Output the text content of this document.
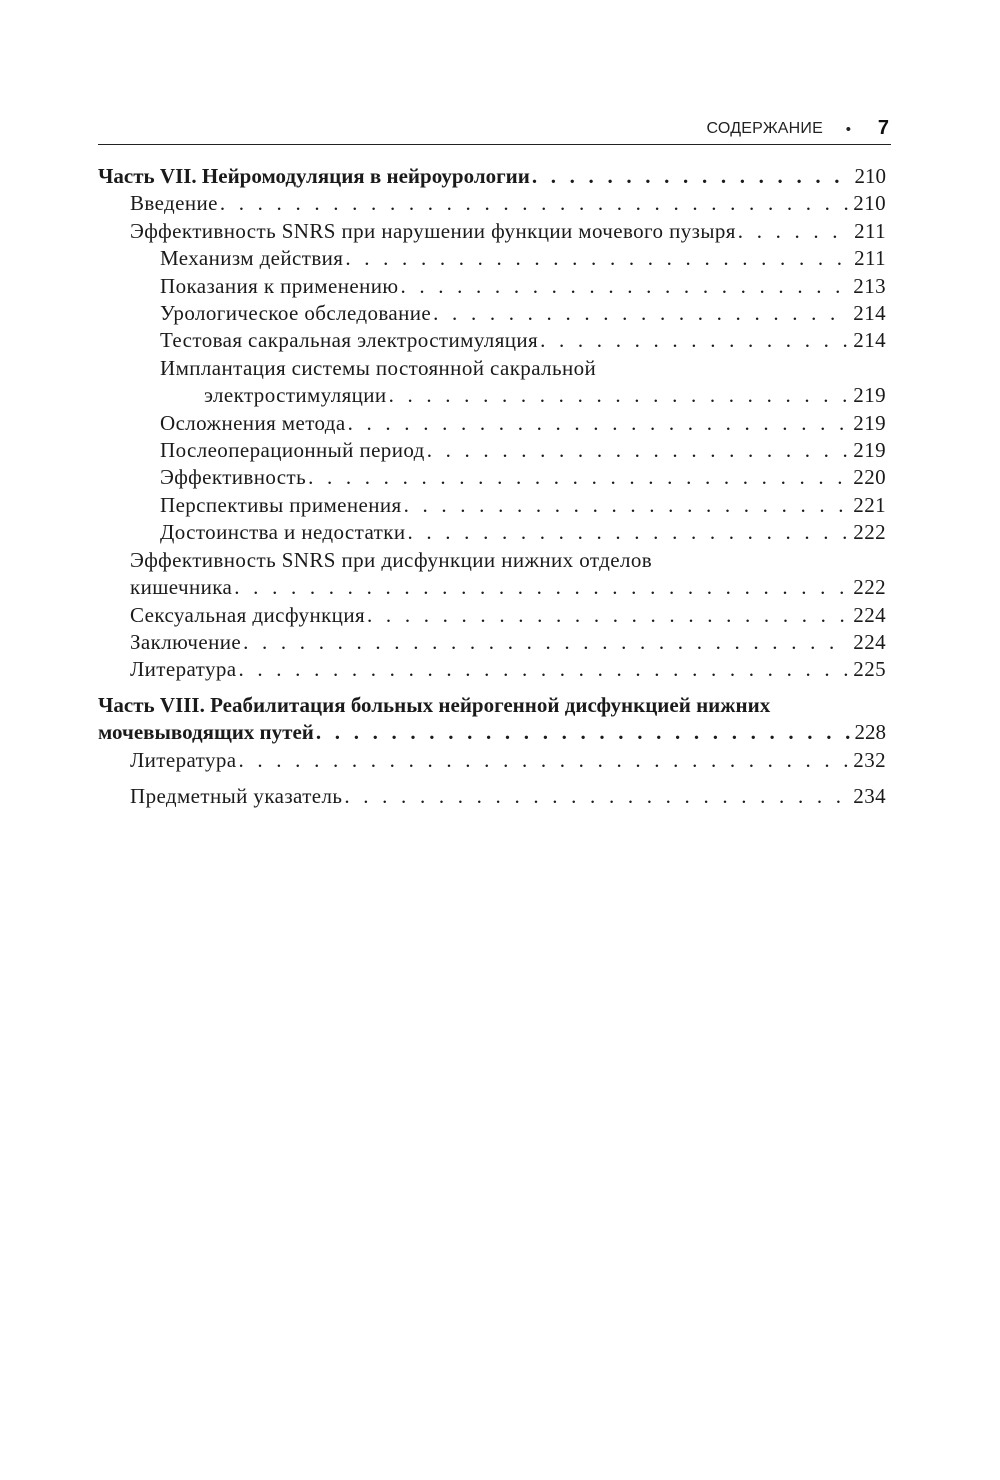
СОДЕРЖАНИЕ • 7
Часть VII. Нейромодуляция в нейроурологии . . .	210
Введение . . .	210
Эффективность SNRS при нарушении функции мочевого пузыря . . .	211
Механизм действия . . .	211
Показания к применению . . .	213
Урологическое обследование . . .	214
Тестовая сакральная электростимуляция . . .	214
Имплантация системы постоянной сакральной
электростимуляции . . .	219
Осложнения метода . . .	219
Послеоперационный период . . .	219
Эффективность . . .	220
Перспективы применения . . .	221
Достоинства и недостатки . . .	222
Эффективность SNRS при дисфункции нижних отделов
кишечника . . .	222
Сексуальная дисфункция . . .	224
Заключение . . .	224
Литература . . .	225
Часть VIII. Реабилитация больных нейрогенной дисфункцией нижних
мочевыводящих путей . . .	228
Литература . . .	232
Предметный указатель . . .	234
